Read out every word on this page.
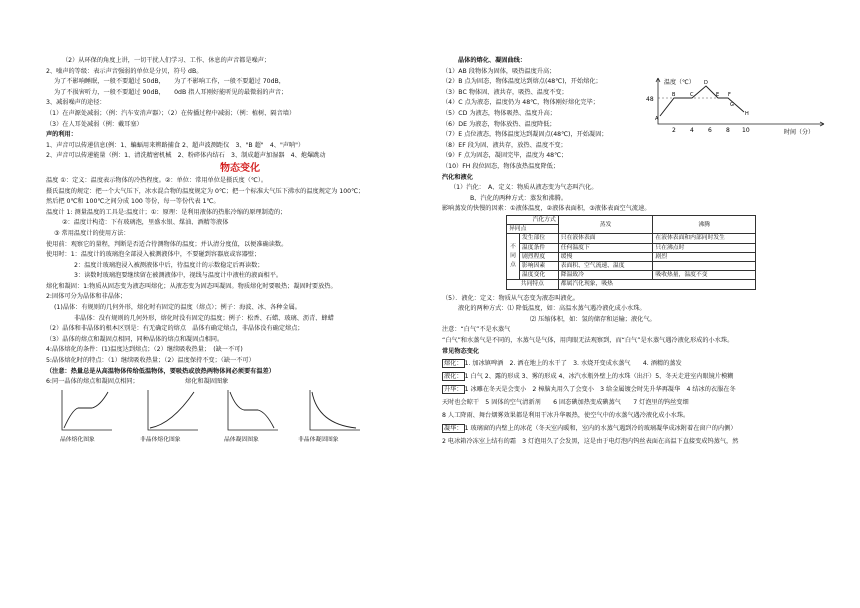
（2）从环保的角度上讲，一切干扰人们学习、工作、休息的声音都是噪声；
2、噪声的等级：表示声音强弱的单位是分贝，符号 dB。
为了不影响睡眠，一般不要超过 50dB，　　为了不影响工作，一般不要超过 70dB，
为了不损害听力，一般不要超过 90dB，　　0dB 指人耳刚好能听见的最微弱的声音；
3、减弱噪声的途径：
（1）在声源处减弱；（例：汽车安消声器）；（2）在传播过程中减弱；（例：植树、隔音墙）
（3）在人耳处减弱（例：戴耳塞）
声的利用：
1、声音可以传递信息(例：1、蝙蝠用来辨路捕食 2、超声波测距仪　3、"B 超"　4、"声呐"）
2、声音可以传递能量（例：1、清洗精密机械　2、粉碎体内结石　3、制成超声加湿器　4、炮爆跳动
物态变化
温度 ①：定义：温度表示物体的冷热程度。②：单位：常用单位是摄氏度（℃）。
摄氏温度的规定：把一个大气压下，冰水混合物的温度规定为 0℃；把一个标准大气压下沸水的温度规定为 100℃；
然后把 0℃和 100℃之间分成 100 等份，每一等份代表 1℃。
温度计 1: 测量温度的工具是:温度计；①：原理：是利用液体的热胀冷缩的原理制造的；
②：温度计构造：下有玻璃泡，里盛水银、煤油、酒精等液体
③ 常用温度计的使用方法：
使用前：观察它的量程，判断是否适合待测物体的温度；并认清分度值，以便准确读数。
使用时：1：温度计的玻璃泡全部浸入被测液体中，不要碰到容器底或容器壁；
2：温度计玻璃泡浸入被测液体中后，待温度计的示数稳定后再读数；
3：读数时玻璃泡要继续留在被测液体中，视线与温度计中液柱的液面相平。
熔化和凝固：1:物质从固态变为液态叫熔化；从液态变为固态叫凝固。物质熔化时要吸热；凝固时要放热。
2:固体可分为晶体和非晶体；
(1)晶体：有规则的几何外形，熔化时有固定的温度（熔点）；例子：海波、冰、各种金属。
非晶体：没有规则的几何外形，熔化时没有固定的温度；例子：松香、石蜡、玻璃、沥青、蜂蜡
（2）晶体和非晶体的根本区别是：有无确定的熔点　晶体有确定熔点，非晶体没有确定熔点；
（3）晶体的熔点和凝固点相同，同种晶体的熔点和凝固点相同。
4:晶体熔化的条件：(1)温度达到熔点；（2）继续吸收热量；　(缺一不可)
5:晶体熔化时的特点：（1）继续吸收热量；（2）温度保持不变；（缺一不可）
（注意：热量总是从高温物体传给低温物体，要吸热或放热两物体间必须要有温差）
6:同一晶体的熔点和凝固点相同；　　　　　　　　熔化和凝固图象
晶体熔化图象	非晶体熔化图象	晶体凝固图象	非晶体凝固图象
晶体的熔化、凝固曲线：
（1）AB 段物体为固体，吸热温度升高；
（2）B 点为固态，物体温度达到熔点(48℃)，开始熔化；
（3）BC 物体固、液共存，吸热、温度不变；
（4）C 点为液态，温度仍为 48℃，物体刚好熔化完毕；
（5）CD 为液态，物体吸热、温度升高；
（6）DE 为液态，物体放热、温度降低；
（7）E 点位液态，物体温度达到凝固点(48℃)，开始凝固；
（8）EF 段为固、液共存，放热、温度不变；
（9）F 点为固态，凝固完毕，温度为 48℃；
（10）FH 段位固态，物体放热温度降低；
汽化和液化
（1）汽化：　A、定义：物质从液态变为气态叫汽化。
B、汽化的两种方式：蒸发和沸腾。
影响蒸发的快慢的因素：①液体温度，②液体表面积，③液体表面空气流速。
汽化方式		蒸发	沸腾
异同点			
不同点	发生部位	只在液体表面	在液体表面和内部同时发生
	温度条件	任何温度下	只在沸点时
	剧烈程度	缓慢	剧烈
	影响因素	表面积、空气流速、温度	
	温度变化	降温致冷	吸收热量，温度不变
共同特点		都属汽化现象，吸热	
（5）．液化：定义：物质从气态变为液态叫液化。
液化的两种方式：⑴ 降低温度，如：高温水蒸气遇冷液化成小水珠。
⑵ 压缩体积，如：氢的储存和运输；液化气。
注意：“白气”不是水蒸气
“白气”和水蒸气是不同的，水蒸气是气体，用肉眼无法观察到，而“白气”是水蒸气遇冷液化形成的小水珠。
常见物态变化
熔化： 1. 加冰镇啤酒　2. 洒在地上的水干了　3. 水烧开变成水蒸气　　4. 酒精的蒸发
液化： 1 白气 2、露的形成 3、雾的形成 4、冰汽水瓶外壁上的水珠（出汗）5、冬天走进室内眼镜片模糊
升华： 1 冰雕在冬天是会变小　2 樟脑丸用久了会变小　3 给金属镀会时先升华再凝华　4 结冰的衣服在冬
天时也会晾干　5 固体的空气清新剂　　6 固态碘加热变成碘蒸气　　7 灯泡里的钨丝变细
8 人工降雨、舞台烟雾效果都是利用干冰升华吸热，使空气中的水蒸气遇冷液化成小水珠。
凝华： 1 玻璃窗的内壁上的冰花（冬天室内暖和，室内的水蒸气遇到冷的玻璃凝华成冰附着在窗户的内侧）
2 电冰箱冷冻室上结有的霜　3 灯泡用久了会发黑，这是由于电灯泡内钨丝表面在高温下直接变成钨蒸气，然
温度（℃）
48
时间（分）
2 4 6 8 10
A
B	C
D
E F
G
H
